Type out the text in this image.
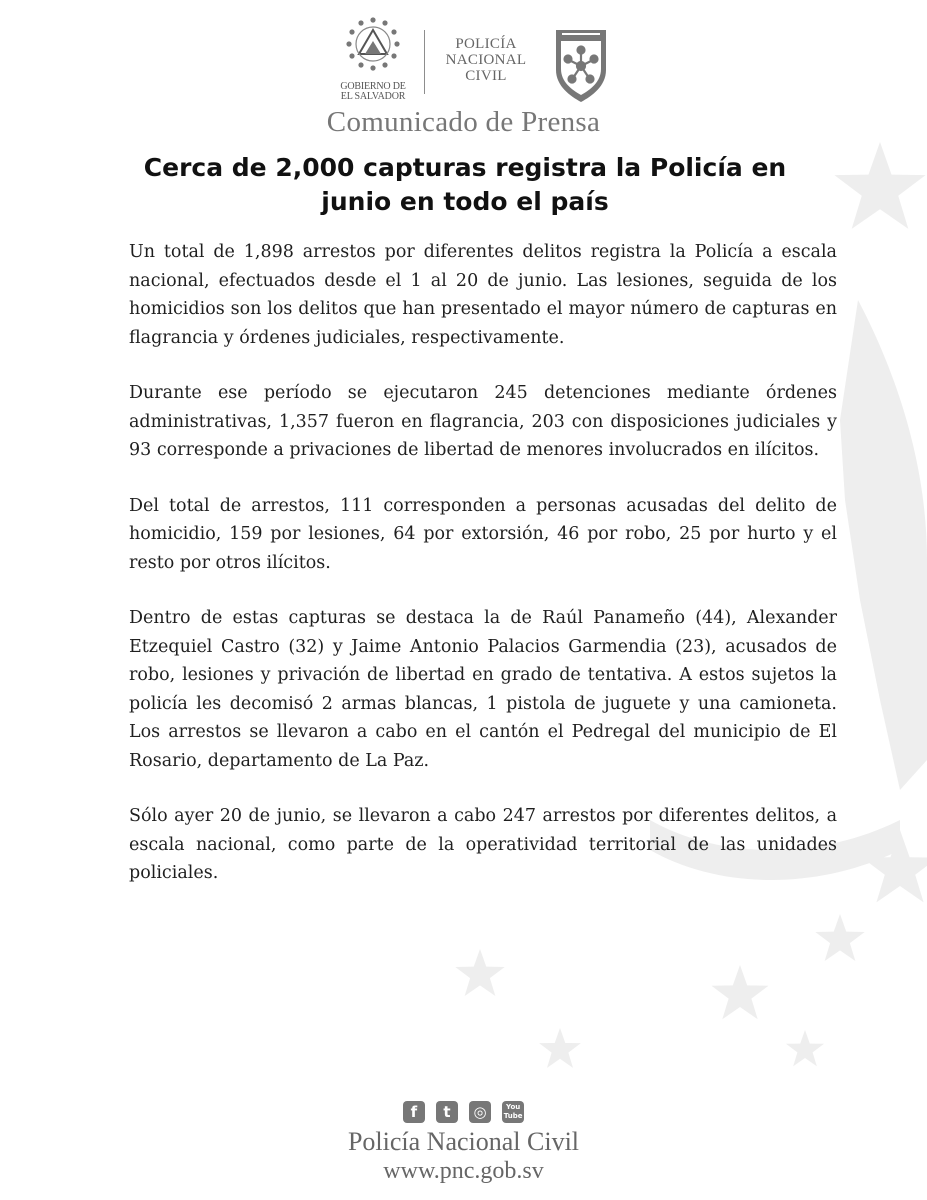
GOBIERNO DE
EL SALVADOR
POLICÍA
NACIONAL
CIVIL
Comunicado de Prensa
Cerca de 2,000 capturas registra la Policía en junio en todo el país

Un total de 1,898 arrestos por diferentes delitos registra la Policía a escala nacional, efectuados desde el 1 al 20 de junio. Las lesiones, seguida de los homicidios son los delitos que han presentado el mayor número de capturas en flagrancia y órdenes judiciales, respectivamente.

Durante ese período se ejecutaron 245 detenciones mediante órdenes administrativas, 1,357 fueron en flagrancia, 203 con disposiciones judiciales y 93 corresponde a privaciones de libertad de menores involucrados en ilícitos.

Del total de arrestos, 111 corresponden a personas acusadas del delito de homicidio, 159 por lesiones, 64 por extorsión, 46 por robo, 25 por hurto y el resto por otros ilícitos.

Dentro de estas capturas se destaca la de Raúl Panameño (44), Alexander Etzequiel Castro (32) y Jaime Antonio Palacios Garmendia (23), acusados de robo, lesiones y privación de libertad en grado de tentativa. A estos sujetos la policía les decomisó 2 armas blancas, 1 pistola de juguete y una camioneta. Los arrestos se llevaron a cabo en el cantón el Pedregal del municipio de El Rosario, departamento de La Paz.

Sólo ayer 20 de junio, se llevaron a cabo 247 arrestos por diferentes delitos, a escala nacional, como parte de la operatividad territorial de las unidades policiales.

f t ◎	You
Tube
Policía Nacional Civil
www.pnc.gob.sv
